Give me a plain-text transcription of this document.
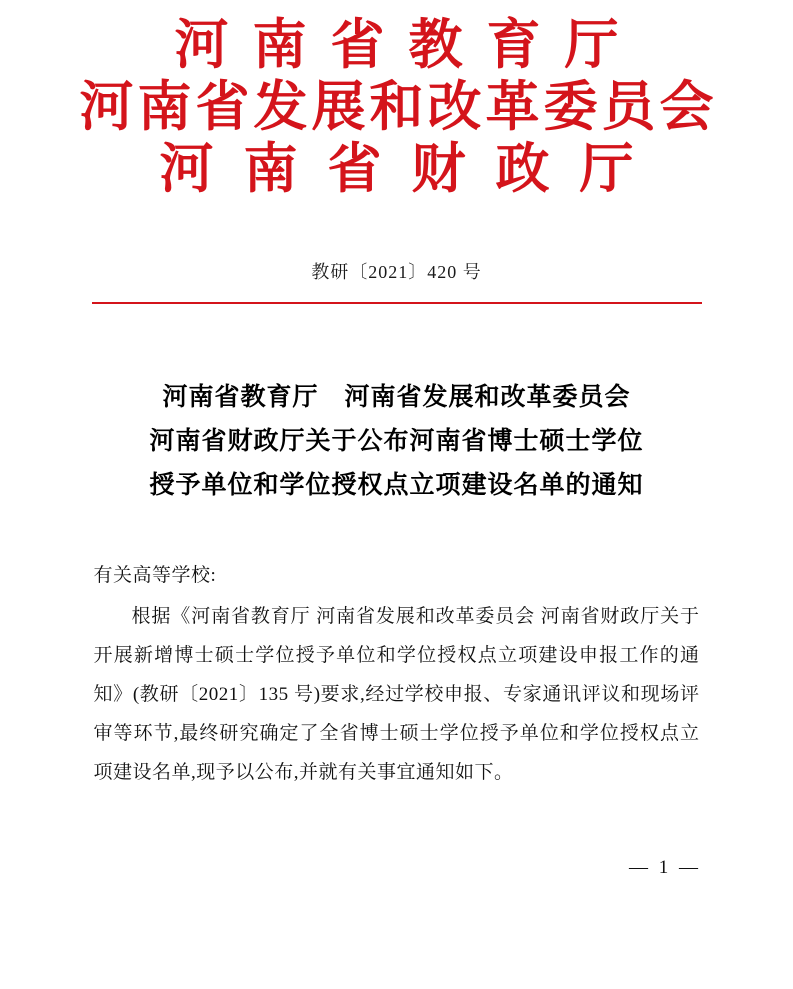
河南省教育厅
河南省发展和改革委员会
河南省财政厅
教研〔2021〕420 号
河南省教育厅　河南省发展和改革委员会
河南省财政厅关于公布河南省博士硕士学位
授予单位和学位授权点立项建设名单的通知

有关高等学校:

根据《河南省教育厅 河南省发展和改革委员会 河南省财政厅关于开展新增博士硕士学位授予单位和学位授权点立项建设申报工作的通知》(教研〔2021〕135 号)要求,经过学校申报、专家通讯评议和现场评审等环节,最终研究确定了全省博士硕士学位授予单位和学位授权点立项建设名单,现予以公布,并就有关事宜通知如下。

— 1 —
